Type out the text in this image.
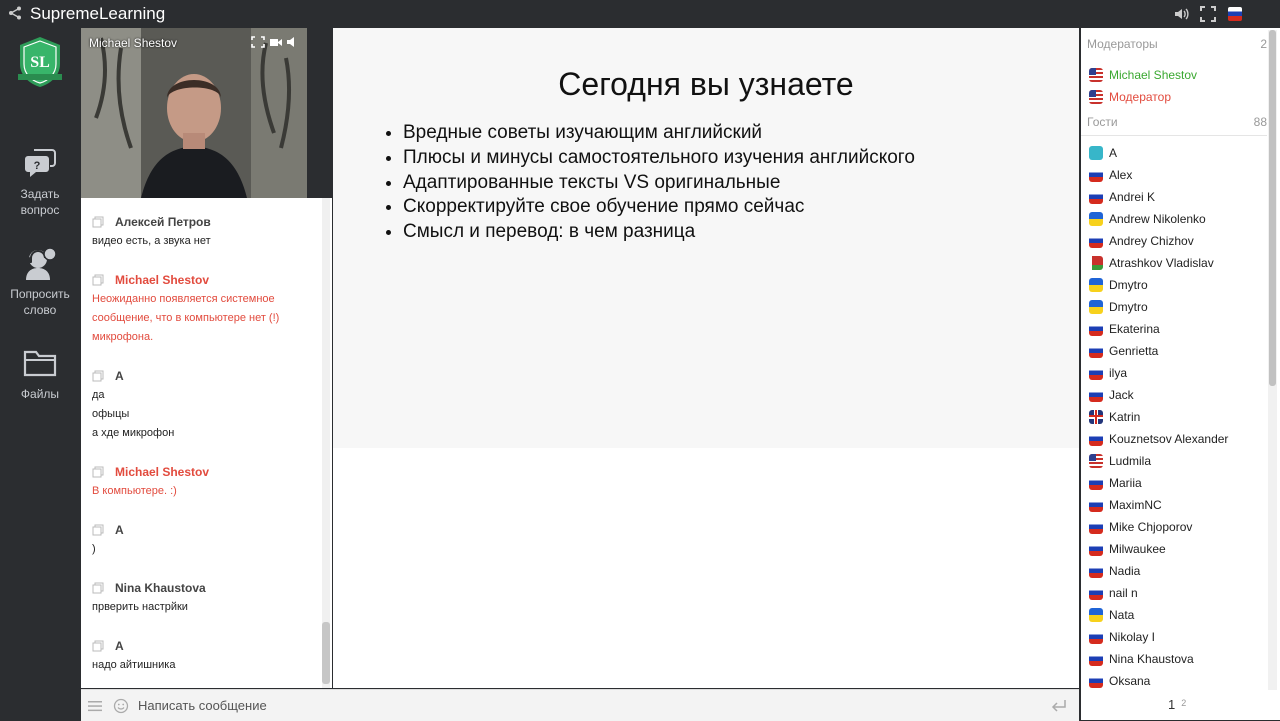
SupremeLearning
SL
?
Задать
вопрос
Попросить
слово
Файлы
Michael Shestov
Алексей Петров
видео есть, а звука нет
Michael Shestov
Неожиданно появляется системное
сообщение, что в компьютере нет (!)
микрофона.
A
да
офыцы
а хде микрофон
Michael Shestov
В компьютере. :)
A
)
Nina Khaustova
прверить настрйки
A
надо айтишника
Сегодня вы узнаете
• Вредные советы изучающим английский
• Плюсы и минусы самостоятельного изучения английского
• Адаптированные тексты VS оригинальные
• Скорректируйте свое обучение прямо сейчас
• Смысл и перевод: в чем разница
Написать сообщение
Модераторы	2
Michael Shestov
Модератор
Гости	88
A
Alex
Andrei K
Andrew Nikolenko
Andrey Chizhov
Atrashkov Vladislav
Dmytro
Dmytro
Ekaterina
Genrietta
ilya
Jack
Katrin
Kouznetsov Alexander
Ludmila
Mariia
MaximNC
Mike Chjoporov
Milwaukee
Nadia
nail n
Nata
Nikolay I
Nina Khaustova
Oksana
1 $^2$
